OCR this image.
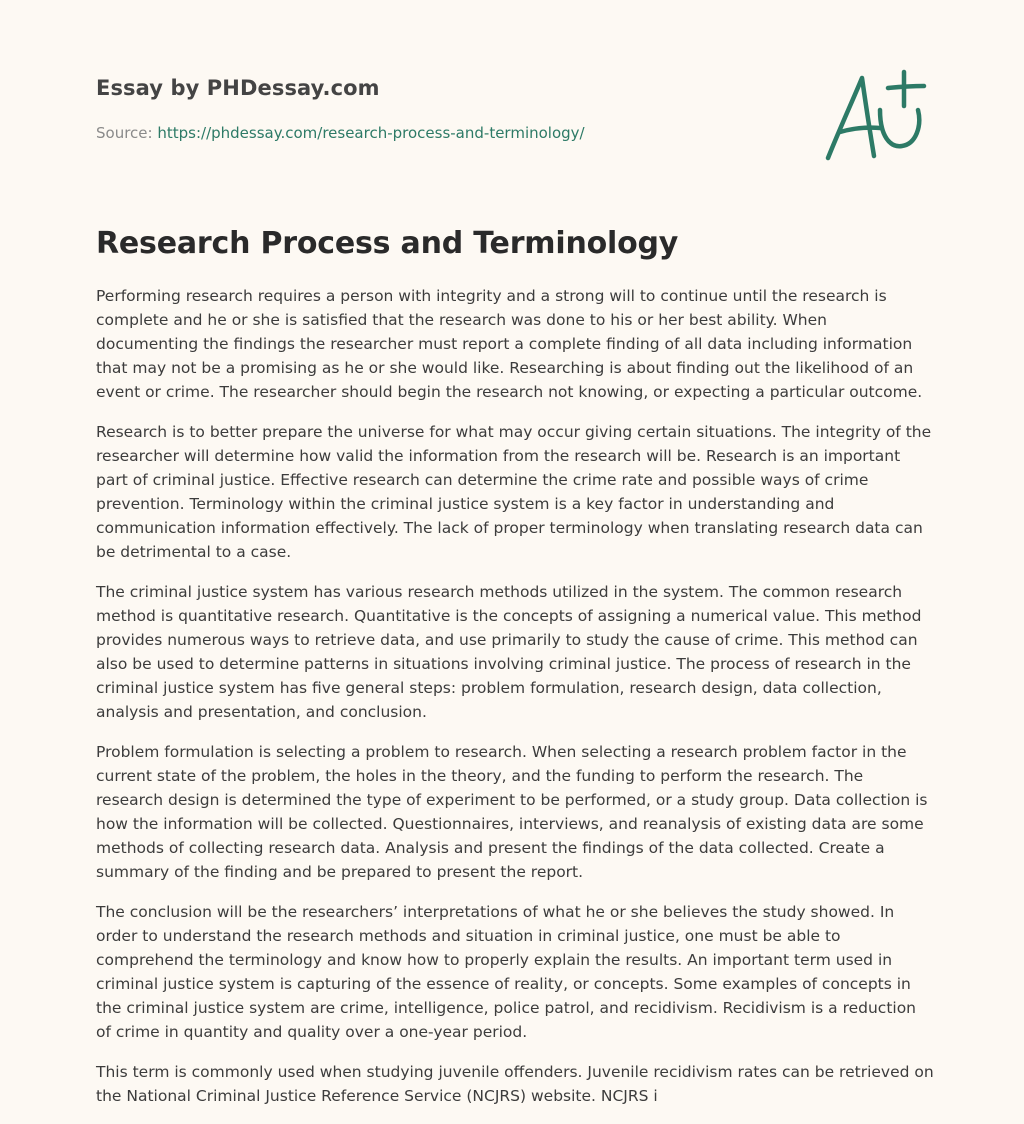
Essay by PHDessay.com
Source: https://phdessay.com/research-process-and-terminology/
Research Process and Terminology

Performing research requires a person with integrity and a strong will to continue until the research is complete and he or she is satisfied that the research was done to his or her best ability. When documenting the findings the researcher must report a complete finding of all data including information that may not be a promising as he or she would like. Researching is about finding out the likelihood of an event or crime. The researcher should begin the research not knowing, or expecting a particular outcome.

Research is to better prepare the universe for what may occur giving certain situations. The integrity of the researcher will determine how valid the information from the research will be. Research is an important part of criminal justice. Effective research can determine the crime rate and possible ways of crime prevention. Terminology within the criminal justice system is a key factor in understanding and communication information effectively. The lack of proper terminology when translating research data can be detrimental to a case.

The criminal justice system has various research methods utilized in the system. The common research method is quantitative research. Quantitative is the concepts of assigning a numerical value. This method provides numerous ways to retrieve data, and use primarily to study the cause of crime. This method can also be used to determine patterns in situations involving criminal justice. The process of research in the criminal justice system has five general steps: problem formulation, research design, data collection, analysis and presentation, and conclusion.

Problem formulation is selecting a problem to research. When selecting a research problem factor in the current state of the problem, the holes in the theory, and the funding to perform the research. The research design is determined the type of experiment to be performed, or a study group. Data collection is how the information will be collected. Questionnaires, interviews, and reanalysis of existing data are some methods of collecting research data. Analysis and present the findings of the data collected. Create a summary of the finding and be prepared to present the report.

The conclusion will be the researchers’ interpretations of what he or she believes the study showed. In order to understand the research methods and situation in criminal justice, one must be able to comprehend the terminology and know how to properly explain the results. An important term used in criminal justice system is capturing of the essence of reality, or concepts. Some examples of concepts in the criminal justice system are crime, intelligence, police patrol, and recidivism. Recidivism is a reduction of crime in quantity and quality over a one-year period.

This term is commonly used when studying juvenile offenders. Juvenile recidivism rates can be retrieved on the National Criminal Justice Reference Service (NCJRS) website. NCJRS i
